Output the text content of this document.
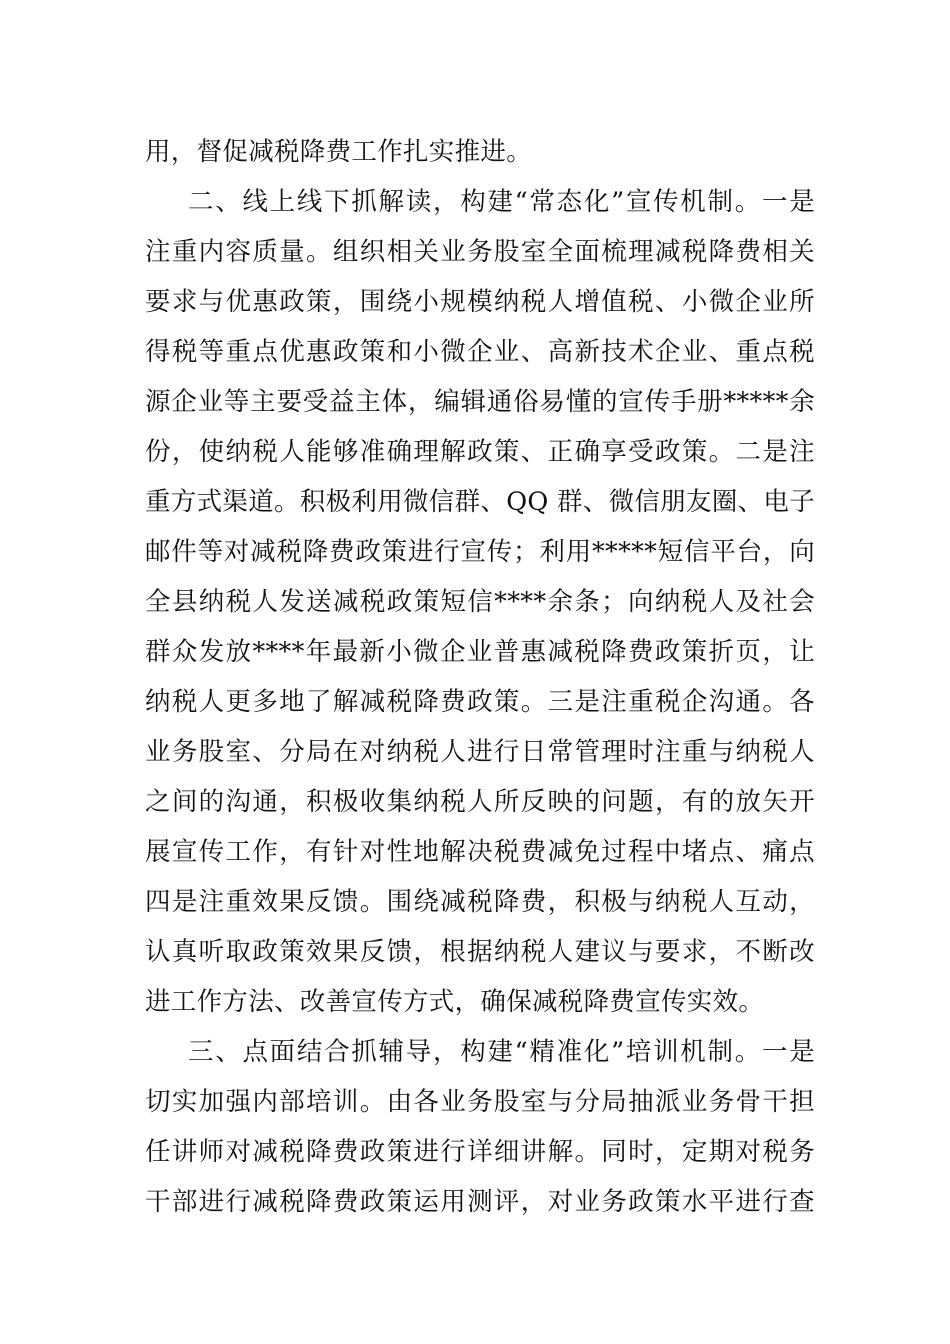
用，督促减税降费工作扎实推进。
二、线上线下抓解读，构建“常态化”宣传机制。一是
注重内容质量。组织相关业务股室全面梳理减税降费相关
要求与优惠政策，围绕小规模纳税人增值税、小微企业所
得税等重点优惠政策和小微企业、高新技术企业、重点税
源企业等主要受益主体，编辑通俗易懂的宣传手册*****余
份，使纳税人能够准确理解政策、正确享受政策。二是注
重方式渠道。积极利用微信群、QQ 群、微信朋友圈、电子
邮件等对减税降费政策进行宣传；利用*****短信平台，向
全县纳税人发送减税政策短信****余条；向纳税人及社会
群众发放****年最新小微企业普惠减税降费政策折页，让
纳税人更多地了解减税降费政策。三是注重税企沟通。各
业务股室、分局在对纳税人进行日常管理时注重与纳税人
之间的沟通，积极收集纳税人所反映的问题，有的放矢开
展宣传工作，有针对性地解决税费减免过程中堵点、痛点
四是注重效果反馈。围绕减税降费，积极与纳税人互动，
认真听取政策效果反馈，根据纳税人建议与要求，不断改
进工作方法、改善宣传方式，确保减税降费宣传实效。
三、点面结合抓辅导，构建“精准化”培训机制。一是
切实加强内部培训。由各业务股室与分局抽派业务骨干担
任讲师对减税降费政策进行详细讲解。同时，定期对税务
干部进行减税降费政策运用测评，对业务政策水平进行查
